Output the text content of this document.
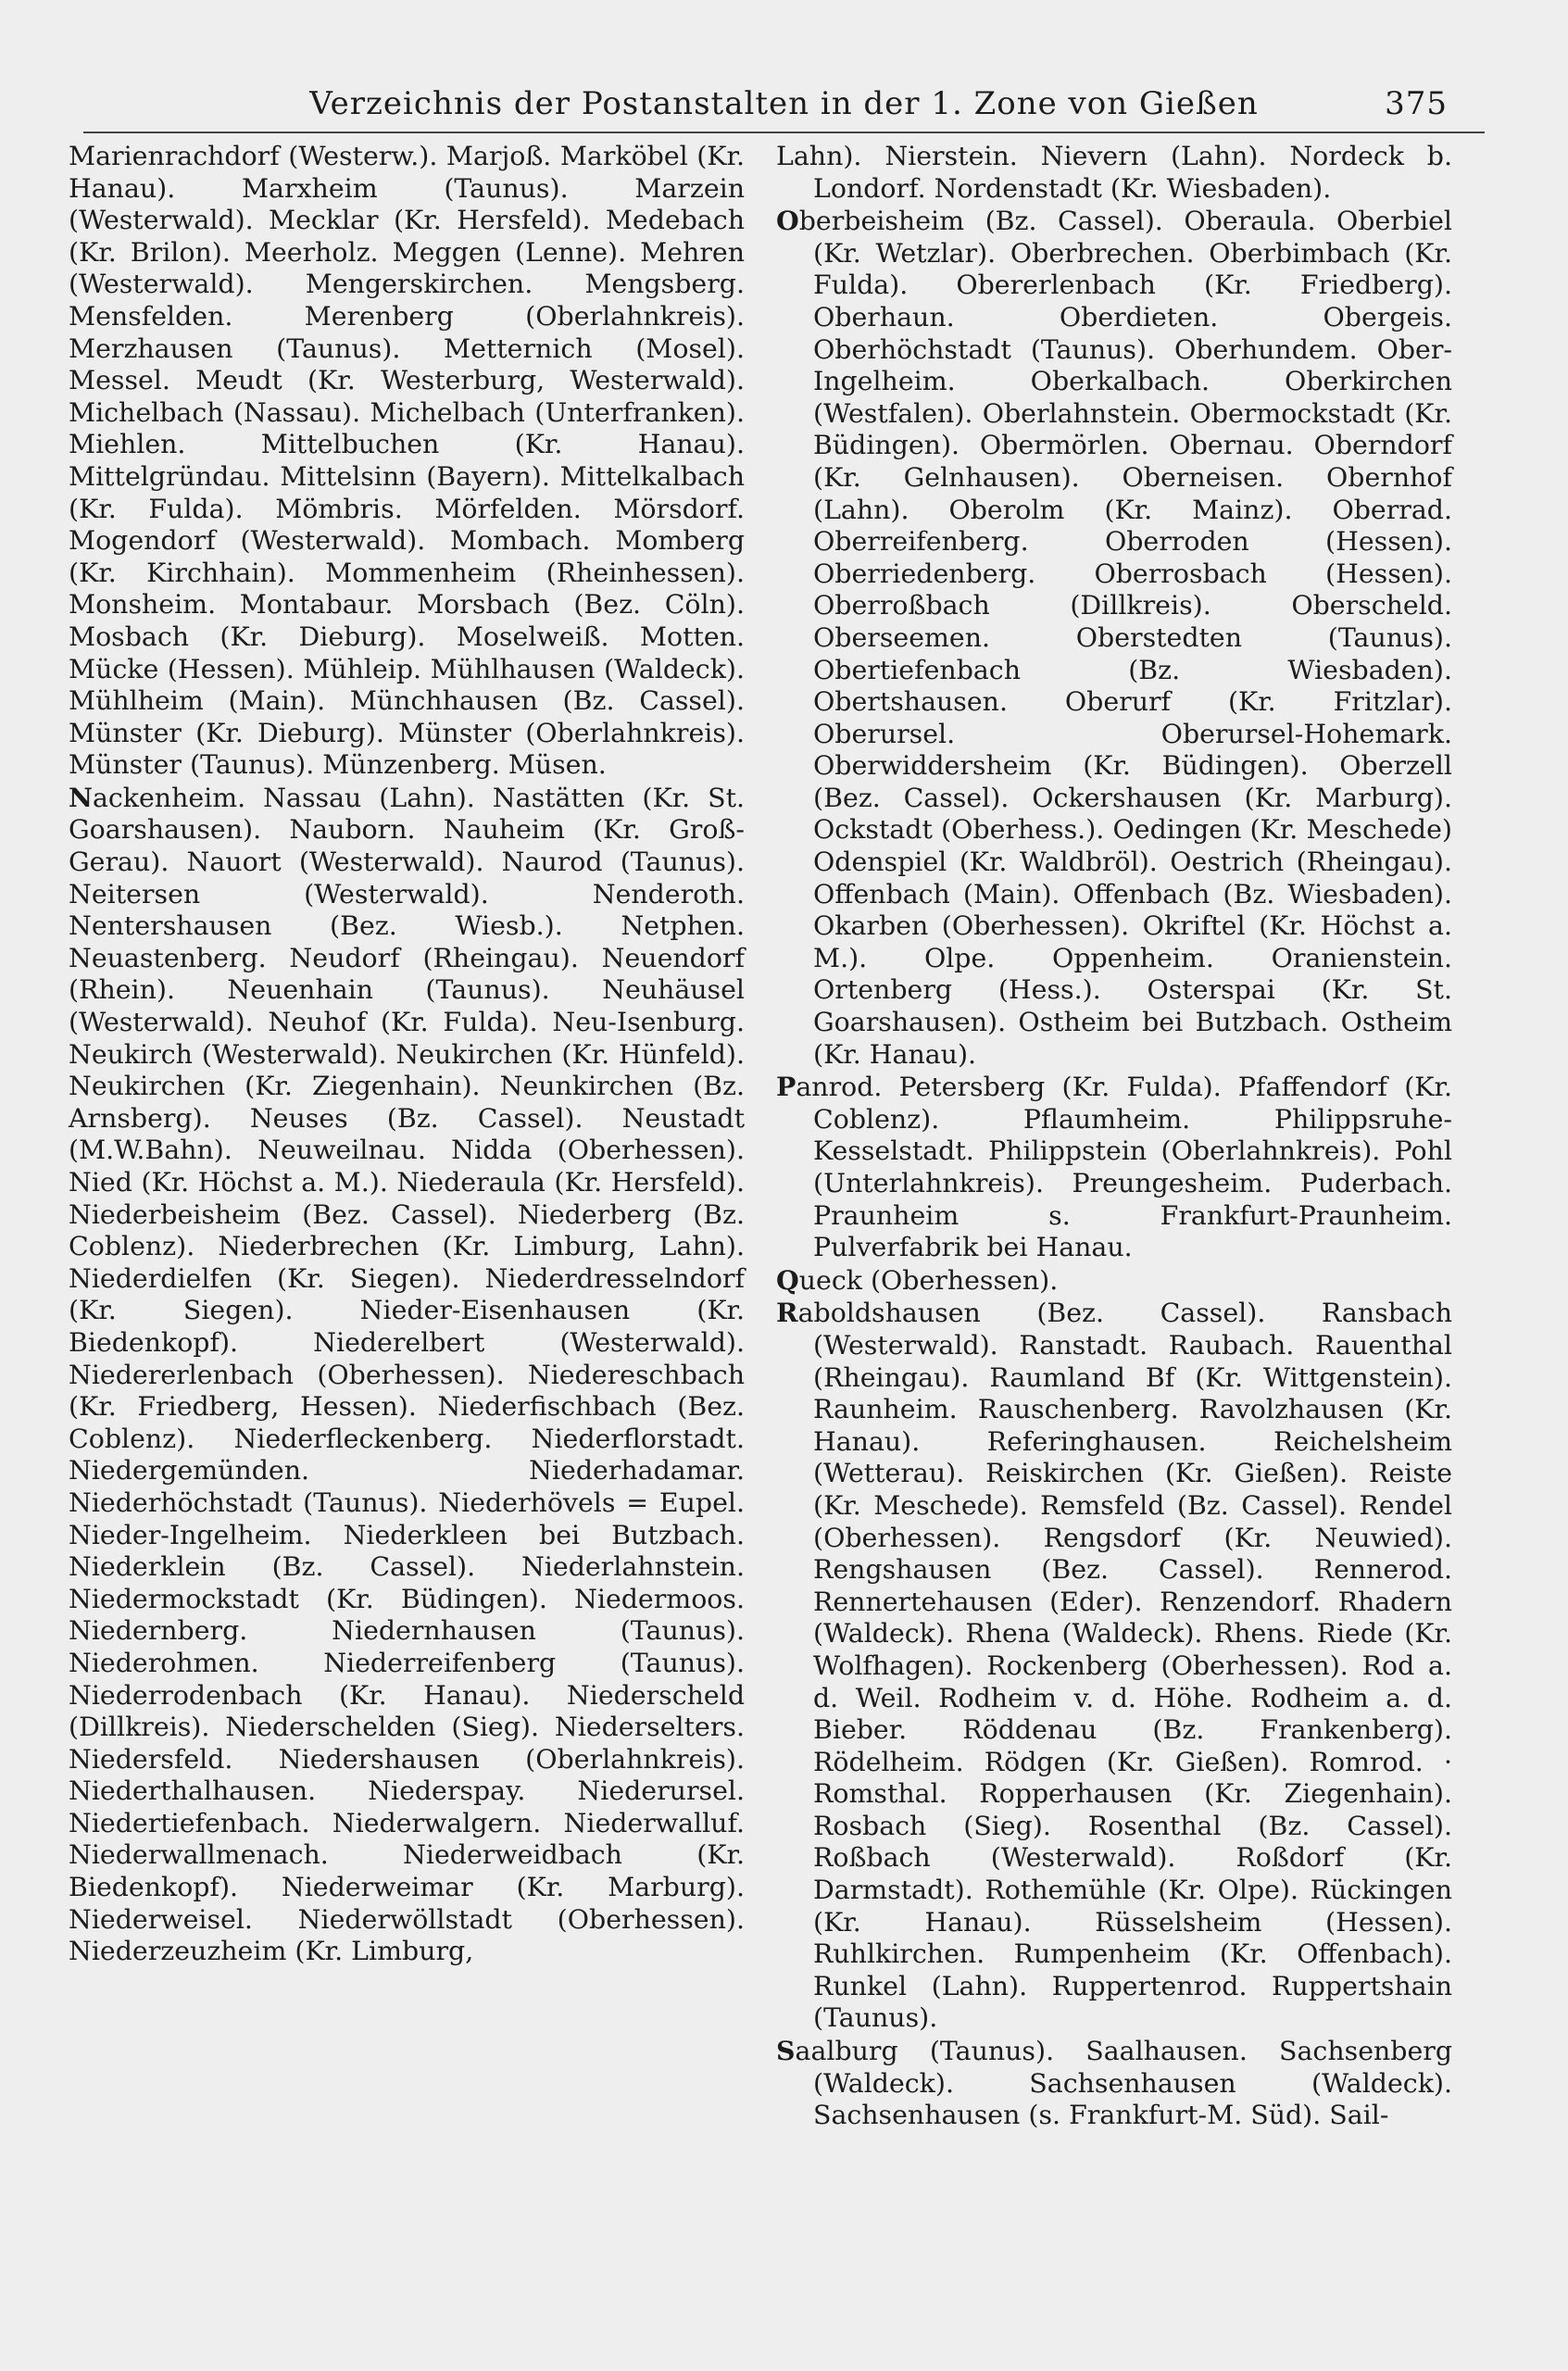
Verzeichnis der Postanstalten in der 1. Zone von Gießen	375

Marienrachdorf (Westerw.). Marjoß. Marköbel (Kr. Hanau). Marxheim (Taunus). Marzein (Westerwald). Mecklar (Kr. Hersfeld). Medebach (Kr. Brilon). Meerholz. Meggen (Lenne). Mehren (Westerwald). Mengerskirchen. Mengsberg. Mensfelden. Merenberg (Oberlahnkreis). Merzhausen (Taunus). Metternich (Mosel). Messel. Meudt (Kr. Westerburg, Westerwald). Michelbach (Nassau). Michelbach (Unterfranken). Miehlen. Mittelbuchen (Kr. Hanau). Mittelgründau. Mittelsinn (Bayern). Mittelkalbach (Kr. Fulda). Mömbris. Mörfelden. Mörsdorf. Mogendorf (Westerwald). Mombach. Momberg (Kr. Kirchhain). Mommenheim (Rheinhessen). Monsheim. Montabaur. Morsbach (Bez. Cöln). Mosbach (Kr. Dieburg). Moselweiß. Motten. Mücke (Hessen). Mühleip. Mühlhausen (Waldeck). Mühlheim (Main). Münchhausen (Bz. Cassel). Münster (Kr. Dieburg). Münster (Oberlahnkreis). Münster (Taunus). Münzenberg. Müsen.

Nackenheim. Nassau (Lahn). Nastätten (Kr. St. Goarshausen). Nauborn. Nauheim (Kr. Groß-Gerau). Nauort (Westerwald). Naurod (Taunus). Neitersen (Westerwald). Nenderoth. Nentershausen (Bez. Wiesb.). Netphen. Neuastenberg. Neudorf (Rheingau). Neuendorf (Rhein). Neuenhain (Taunus). Neuhäusel (Westerwald). Neuhof (Kr. Fulda). Neu-Isenburg. Neukirch (Westerwald). Neukirchen (Kr. Hünfeld). Neukirchen (Kr. Ziegenhain). Neunkirchen (Bz. Arnsberg). Neuses (Bz. Cassel). Neustadt (M.W.Bahn). Neuweilnau. Nidda (Oberhessen). Nied (Kr. Höchst a. M.). Niederaula (Kr. Hersfeld). Niederbeisheim (Bez. Cassel). Niederberg (Bz. Coblenz). Niederbrechen (Kr. Limburg, Lahn). Niederdielfen (Kr. Siegen). Niederdresselndorf (Kr. Siegen). Nieder-Eisenhausen (Kr. Biedenkopf). Niederelbert (Westerwald). Niedererlenbach (Oberhessen). Niedereschbach (Kr. Friedberg, Hessen). Niederfischbach (Bez. Coblenz). Niederfleckenberg. Niederflorstadt. Niedergemünden. Niederhadamar. Niederhöchstadt (Taunus). Niederhövels = Eupel. Nieder-Ingelheim. Niederkleen bei Butzbach. Niederklein (Bz. Cassel). Niederlahnstein. Niedermockstadt (Kr. Büdingen). Niedermoos. Niedernberg. Niedernhausen (Taunus). Niederohmen. Niederreifenberg (Taunus). Niederrodenbach (Kr. Hanau). Niederscheld (Dillkreis). Niederschelden (Sieg). Niederselters. Niedersfeld. Niedershausen (Oberlahnkreis). Niederthalhausen. Niederspay. Niederursel. Niedertiefenbach. Niederwalgern. Niederwalluf. Niederwallmenach. Niederweidbach (Kr. Biedenkopf). Niederweimar (Kr. Marburg). Niederweisel. Niederwöllstadt (Oberhessen). Niederzeuzheim (Kr. Limburg,

Lahn). Nierstein. Nievern (Lahn). Nordeck b. Londorf. Nordenstadt (Kr. Wiesbaden).

Oberbeisheim (Bz. Cassel). Oberaula. Oberbiel (Kr. Wetzlar). Oberbrechen. Oberbimbach (Kr. Fulda). Obererlenbach (Kr. Friedberg). Oberhaun. Oberdieten. Obergeis. Oberhöchstadt (Taunus). Oberhundem. Ober-Ingelheim. Oberkalbach. Oberkirchen (Westfalen). Oberlahnstein. Obermockstadt (Kr. Büdingen). Obermörlen. Obernau. Oberndorf (Kr. Gelnhausen). Oberneisen. Obernhof (Lahn). Oberolm (Kr. Mainz). Oberrad. Oberreifenberg. Oberroden (Hessen). Oberriedenberg. Oberrosbach (Hessen). Oberroßbach (Dillkreis). Oberscheld. Oberseemen. Oberstedten (Taunus). Obertiefenbach (Bz. Wiesbaden). Obertshausen. Oberurf (Kr. Fritzlar). Oberursel. Oberursel-Hohemark. Oberwiddersheim (Kr. Büdingen). Oberzell (Bez. Cassel). Ockershausen (Kr. Marburg). Ockstadt (Oberhess.). Oedingen (Kr. Meschede) Odenspiel (Kr. Waldbröl). Oestrich (Rheingau). Offenbach (Main). Offenbach (Bz. Wiesbaden). Okarben (Oberhessen). Okriftel (Kr. Höchst a. M.). Olpe. Oppenheim. Oranienstein. Ortenberg (Hess.). Osterspai (Kr. St. Goarshausen). Ostheim bei Butzbach. Ostheim (Kr. Hanau).

Panrod. Petersberg (Kr. Fulda). Pfaffendorf (Kr. Coblenz). Pflaumheim. Philippsruhe-Kesselstadt. Philippstein (Oberlahnkreis). Pohl (Unterlahnkreis). Preungesheim. Puderbach. Praunheim s. Frankfurt-Praunheim. Pulverfabrik bei Hanau.

Queck (Oberhessen).

Raboldshausen (Bez. Cassel). Ransbach (Westerwald). Ranstadt. Raubach. Rauenthal (Rheingau). Raumland Bf (Kr. Wittgenstein). Raunheim. Rauschenberg. Ravolzhausen (Kr. Hanau). Referinghausen. Reichelsheim (Wetterau). Reiskirchen (Kr. Gießen). Reiste (Kr. Meschede). Remsfeld (Bz. Cassel). Rendel (Oberhessen). Rengsdorf (Kr. Neuwied). Rengshausen (Bez. Cassel). Rennerod. Rennertehausen (Eder). Renzendorf. Rhadern (Waldeck). Rhena (Waldeck). Rhens. Riede (Kr. Wolfhagen). Rockenberg (Oberhessen). Rod a. d. Weil. Rodheim v. d. Höhe. Rodheim a. d. Bieber. Röddenau (Bz. Frankenberg). Rödelheim. Rödgen (Kr. Gießen). Romrod. · Romsthal. Ropperhausen (Kr. Ziegenhain). Rosbach (Sieg). Rosenthal (Bz. Cassel). Roßbach (Westerwald). Roßdorf (Kr. Darmstadt). Rothemühle (Kr. Olpe). Rückingen (Kr. Hanau). Rüsselsheim (Hessen). Ruhlkirchen. Rumpenheim (Kr. Offenbach). Runkel (Lahn). Ruppertenrod. Ruppertshain (Taunus).

Saalburg (Taunus). Saalhausen. Sachsenberg (Waldeck). Sachsenhausen (Waldeck). Sachsenhausen (s. Frankfurt-M. Süd). Sail-
